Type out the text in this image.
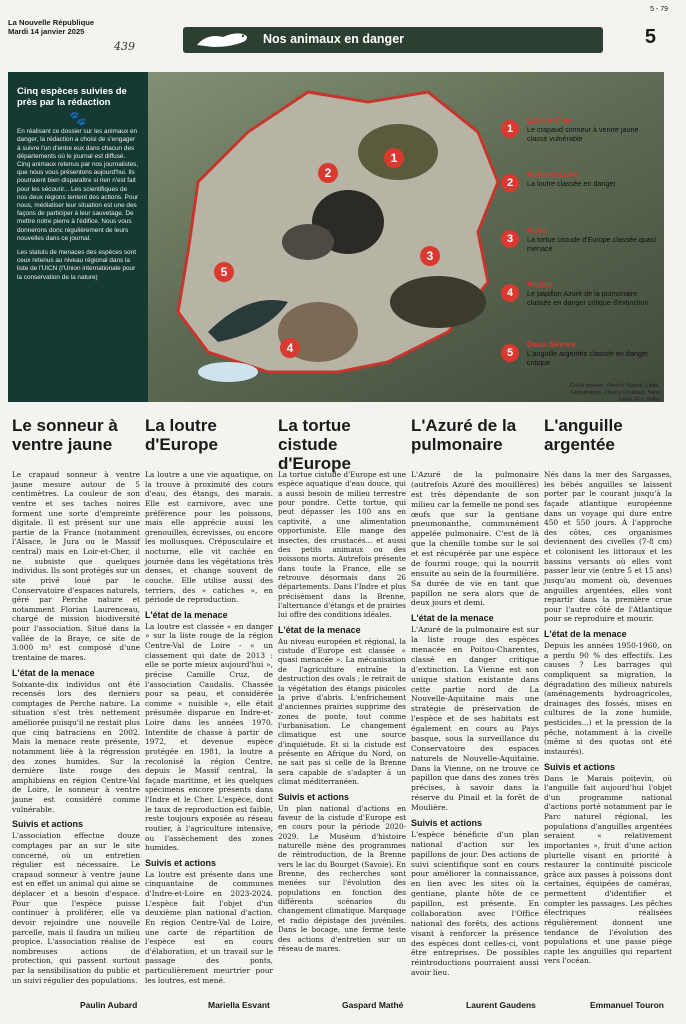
La Nouvelle République
Mardi 14 janvier 2025
439
Nos animaux en danger
5 - 79
5
Cinq espèces suivies de près par la rédaction
🐾

En réalisant ce dossier sur les animaux en danger, la rédaction a choisi de s'engager à suivre l'un d'entre eux dans chacun des départements où le journal est diffusé. Cinq animaux retenus par nos journalistes, que nous vous présentons aujourd'hui. Ils pourraient bien disparaître si rien n'est fait pour les sécourir... Les scientifiques de nos deux régions tentent des actions. Pour nous, médiatiser leur situation est une des façons de participer à leur sauvetage. De mettre notre pierre à l'édifice. Nous vous donnerons donc régulièrement de leurs nouvelles dans ce journal.

Les statuts de menaces des espèces sont ceux retenus au niveau régional dans la liste de l'UICN (l'Union internationale pour la conservation de la nature)

2
1
3
5
4
1
Loir-et-Cher
Le crapaud sonneur à ventre jaune classé vulnérable
2
Indre-et-Loire
La loutre classée en danger
3
Indre
La tortue cistude d'Europe classée quasi menacé
4
Vienne
Le papillon Azuré de la pulmonaire classée en danger critique d'extinction
5
Deux-Sèvres
L'anguille argentée classée en danger critique
Crédit photos : Perche Nature, Lilian, Gettyimages, Thierry Roullaud, Yann Sélan, Éric Pollet
Le sonneur à ventre jaune

Le crapaud sonneur à ventre jaune mesure autour de 5 centimètres. La couleur de son ventre et ses taches noires forment une sorte d'empreinte digitale. Il est présent sur une partie de la France (notamment l'Alsace, le Jura ou le Massif central) mais en Loir-et-Cher, il ne subsiste que quelques individus. Ils sont protégés sur un site privé loué par le Conservatoire d'espaces naturels, géré par Perche nature et notamment Florian Laurenceau, chargé de mission biodiversité pour l'association. Situé dans la vallée de la Braye, ce site de 3.000 m² est composé d'une trentaine de mares.

L'état de la menace

Soixante-dix individus ont été recensés lors des derniers comptages de Perche nature. La situation s'est très nettement améliorée puisqu'il ne restait plus que cinq batraciens en 2002. Mais la menace reste présente, notamment liée à la régression des zones humides. Sur la dernière liste rouge des amphibiens en région Centre-Val de Loire, le sonneur à ventre jaune est considéré comme vulnérable.

Suivis et actions

L'association effectue douze comptages par an sur le site concerné, où un entretien régulier est nécessaire. Le crapaud sonneur à ventre jaune est en effet un animal qui aime se déplacer et a besoin d'espace. Pour que l'espèce puisse continuer à proliférer, elle va devoir rejoindre une nouvelle parcelle, mais il faudra un milieu propice. L'association réalise de nombreuses actions de protection, qui passent surtout par la sensibilisation du public et un suivi régulier des populations.

La loutre d'Europe

La loutre a une vie aquatique, on la trouve à proximité des cours d'eau, des étangs, des marais. Elle est carnivore, avec une préférence pour les poissons, mais elle apprécie aussi les grenouilles, écrevisses, ou encore les mollusques. Crépusculaire et nocturne, elle vit cachée en journée dans les végétations très denses, et change souvent de couche. Elle utilise aussi des terriers, des « catiches », en période de reproduction.

L'état de la menace

La loutre est classée « en danger » sur la liste rouge de la région Centre-Val de Loire - « un classement qui date de 2013 : elle se porte mieux aujourd'hui », précise Camille Cruz, de l'association Caudalis. Chassée pour sa peau, et considérée comme « nuisible », elle était présumée disparue en Indre-et-Loire dans les années 1970. Interdite de chasse à partir de 1972, et devenue espèce protégée en 1981, la loutre a recolonisé la région Centre, depuis le Massif central, la façade maritime, et les quelques spécimens encore présents dans l'Indre et le Cher. L'espèce, dont le taux de reproduction est faible, reste toujours exposée au réseau routier, à l'agriculture intensive, ou l'assèchement des zones humides.

Suivis et actions

La loutre est présente dans une cinquantaine de communes d'Indre-et-Loire en 2023-2024. L'espèce fait l'objet d'un deuxième plan national d'action. En région Centre-Val de Loire, une carte de répartition de l'espèce est en cours d'élaboration, et un travail sur le passage des ponts, particulièrement meurtrier pour les loutres, est mené.

La tortue cistude d'Europe

La tortue cistude d'Europe est une espèce aquatique d'eau douce, qui a aussi besoin de milieu terrestre pour pondre. Cette tortue, qui peut dépasser les 100 ans en captivité, a une alimentation opportuniste. Elle mange des insectes, des crustacés... et aussi des petits animaux ou des poissons morts. Autrefois présente dans toute la France, elle se retrouve désormais dans 26 départements. Dans l'Indre et plus précisément dans la Brenne, l'alternance d'étangs et de prairies lui offre des conditions idéales.

L'état de la menace

Au niveau européen et régional, la cistude d'Europe est classée « quasi menacée ». La mécanisation de l'agriculture entraîne la destruction des ovals ; le retrait de la végétation des étangs pisicoles la prive d'abris. L'enfrichement d'anciennes prairies supprime des zones de ponte, tout comme l'urbanisation. Le changement climatique est une source d'inquiétude. Et si la cistude est présente en Afrique du Nord, on ne sait pas si celle de la Brenne sera capable de s'adapter à un climat méditerranéen.

Suivis et actions

Un plan national d'actions en faveur de la cistude d'Europe est en cours pour la période 2020-2029. Le Muséum d'histoire naturelle mène des programmes de réintroduction, de la Brenne vers le lac du Bourget (Savoie). En Brenne, des recherches sont menées sur l'évolution des populations en fonction des différents scénarios du changement climatique. Marquage et radio dépistage des juvéniles. Dans le bocage, une ferme teste des actions d'entretien sur un réseau de mares.

L'Azuré de la pulmonaire

L'Azuré de la pulmonaire (autrefois Azuré des mouillères) est très dépendante de son milieu car la femelle ne pond ses œufs que sur la gentiane pneumonanthe, communément appelée pulmonaire. C'est de là que la chenille tombe sur le sol et est récupérée par une espèce de fourmi rouge, qui la nourrit ensuite au sein de la fourmilière. Sa durée de vie en tant que papillon ne sera alors que de deux jours et demi.

L'état de la menace

L'Azuré de la pulmonaire est sur la liste rouge des espèces menacée en Poitou-Charentes, classé en danger critique d'extinction. La Vienne est son unique station existante dans cette partie nord de La Nouvelle-Aquitaine mais une stratégie de préservation de l'espèce et de ses habitats est également en cours au Pays basque, sous la surveillance du Conservatoire des espaces naturels de Nouvelle-Aquitaine. Dans la Vienne, on ne trouve ce papillon que dans des zones très précises, à savoir dans la réserve du Pinail et la forêt de Moulière.

Suivis et actions

L'espèce bénéficie d'un plan national d'action sur les papillons de jour. Des actions de suivi scientifique sont en cours pour améliorer la connaissance, en lien avec les sites où la gentiane, plante hôte de ce papillon, est présente. En collaboration avec l'Office national des forêts, des actions visant à renforcer la présence des espèces dont celles-ci, vont être entreprises. De possibles réintroductions pourraient aussi avoir lieu.

L'anguille argentée

Nés dans la mer des Sargasses, les bébés anguilles se laissent porter par le courant jusqu'à la façade atlantique européenne dans un voyage qui dure entre 450 et 550 jours. À l'approche des côtes, ces organismes deviennent des civelles (7-8 cm) et colonisent les littoraux et les bassins versants où elles vont passer leur vie (entre 5 et 15 ans) jusqu'au moment où, devenues anguilles argentées, elles vont repartir dans la première crue pour l'autre côté de l'Atlantique pour se reproduire et mourir.

L'état de la menace

Depuis les années 1950-1960, on a perdu 90 % des effectifs. Les causes ? Les barrages qui compliquent sa migration, la dégradation des milieux naturels (aménagements hydroagricoles, drainages des fossés, mises en cultures de la zone humide, pesticides...) et la pression de la pêche, notamment à la civelle (même si des quotas ont été instaurés).

Suivis et actions

Dans le Marais poitevin, où l'anguille fait aujourd'hui l'objet d'un programme national d'actions porté notamment par le Parc naturel régional, les populations d'anguilles argentées seraient « relativement importantes », fruit d'une action plurielle visant en priorité à restaurer la continuité piscicole grâce aux passes à poissons dont certaines, équipées de caméras, permettent d'identifier et compter les passages. Les pêches électriques réalisées régulièrement donnent une tendance de l'évolution des populations et une passe piège capte les anguilles qui repartent vers l'océan.

Paulin Aubard	Mariella Esvant	Gaspard Mathé	Laurent Gaudens	Emmanuel Touron
